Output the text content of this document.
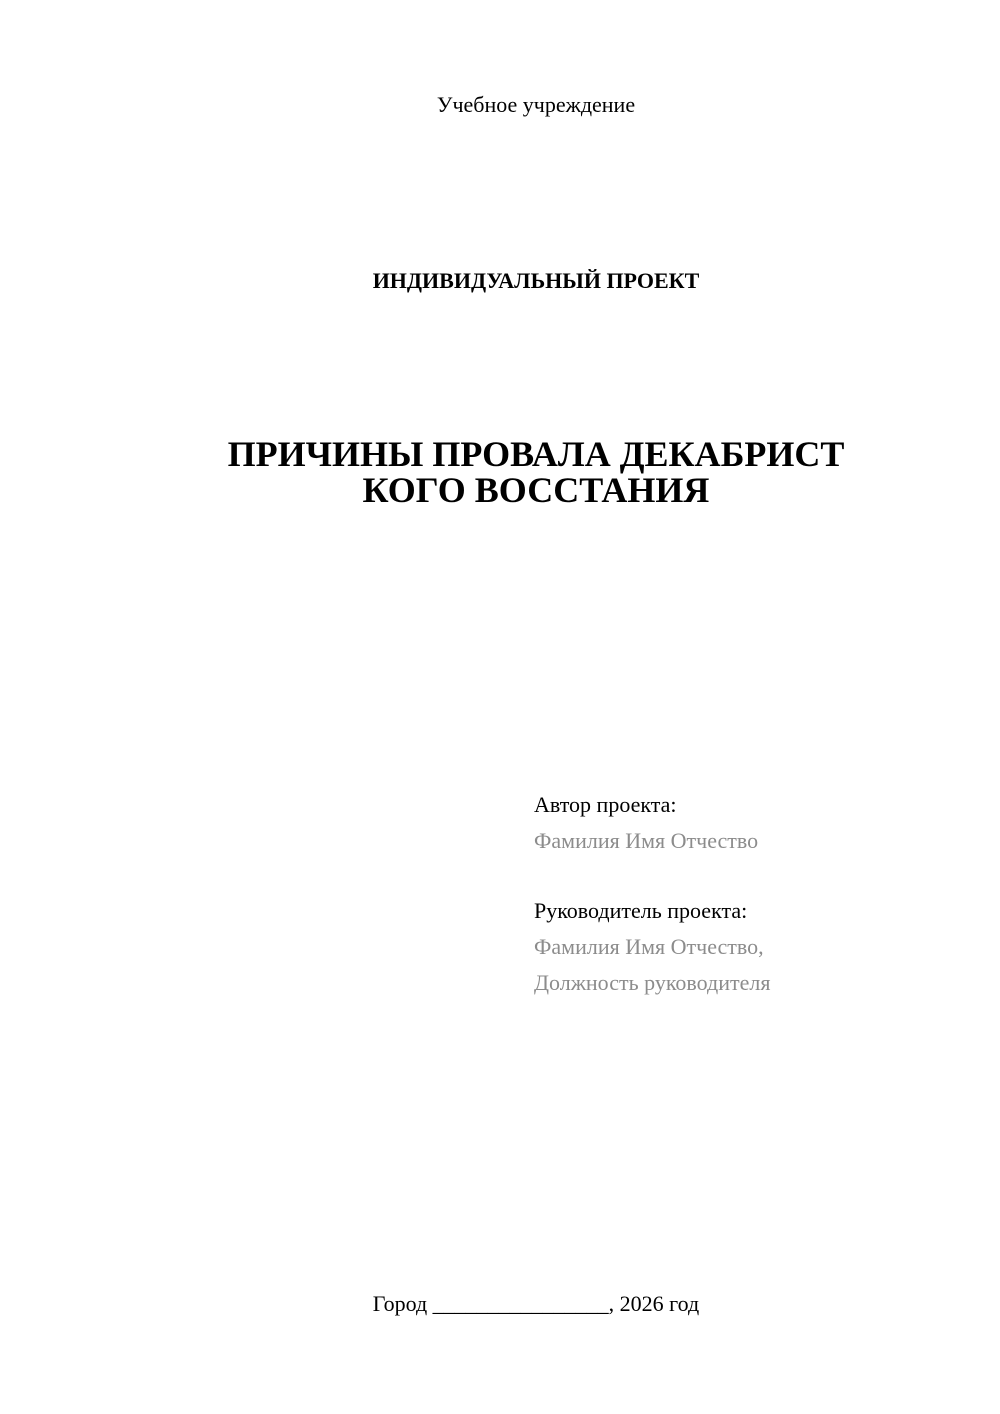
Учебное учреждение
ИНДИВИДУАЛЬНЫЙ ПРОЕКТ
ПРИЧИНЫ ПРОВАЛА ДЕКАБРИСТ
КОГО ВОССТАНИЯ
Автор проекта:
Фамилия Имя Отчество
Руководитель проекта:
Фамилия Имя Отчество,
Должность руководителя
Город ________________, 2026 год
